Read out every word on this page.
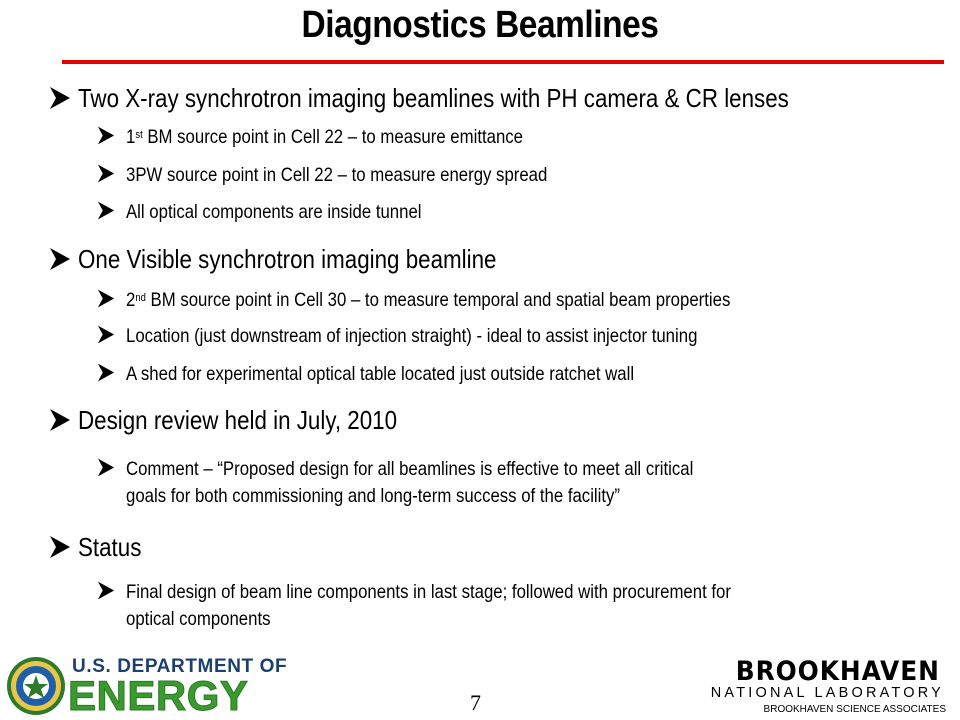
Diagnostics Beamlines
Two X-ray synchrotron imaging beamlines with PH camera & CR lenses
1st BM source point in Cell 22 – to measure emittance
3PW source point in Cell 22 – to measure energy spread
All optical components are inside tunnel
One Visible synchrotron imaging beamline
2nd BM source point in Cell 30 – to measure temporal and spatial beam properties
Location (just downstream of injection straight) - ideal to assist injector tuning
A shed for experimental optical table located just outside ratchet wall
Design review held in July, 2010
Comment – “Proposed design for all beamlines is effective to meet all critical
goals for both commissioning and long-term success of the facility”
Status
Final design of beam line components in last stage; followed with procurement for
optical components
U.S. DEPARTMENT OF
ENERGY	7
BROOKHAVEN
NATIONAL LABORATORY
BROOKHAVEN SCIENCE ASSOCIATES
